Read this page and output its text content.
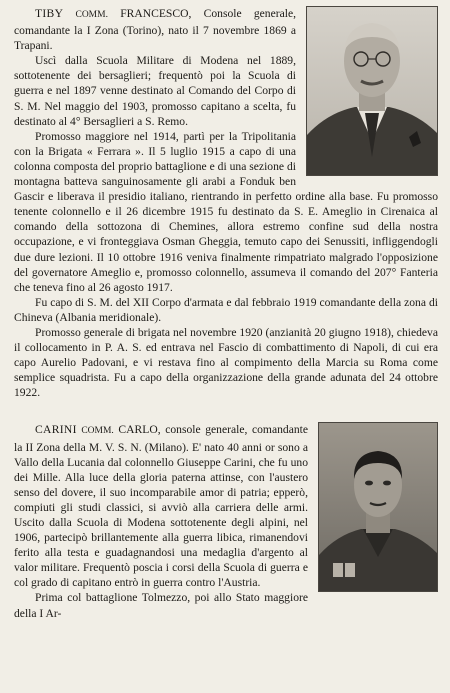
TIBY COMM. FRANCESCO, Console generale, comandante la I Zona (Torino), nato il 7 novembre 1869 a Trapani.

Uscì dalla Scuola Militare di Modena nel 1889, sottotenente dei bersaglieri; frequentò poi la Scuola di guerra e nel 1897 venne destinato al Comando del Corpo di S. M. Nel maggio del 1903, promosso capitano a scelta, fu destinato al 4° Bersaglieri a S. Remo.

Promosso maggiore nel 1914, partì per la Tripolitania con la Brigata « Ferrara ». Il 5 luglio 1915 a capo di una colonna composta del proprio battaglione e di una sezione di montagna batteva sanguinosamente gli arabi a Fonduk ben Gascir e liberava il presidio italiano, rientrando in perfetto ordine alla base. Fu promosso tenente colonnello e il 26 dicembre 1915 fu destinato da S. E. Ameglio in Cirenaica al comando della sottozona di Chemines, allora estremo confine sud della nostra occupazione, e vi fronteggiava Osman Gheggia, temuto capo dei Senussiti, infliggendogli due dure lezioni. Il 10 ottobre 1916 veniva finalmente rimpatriato malgrado l'opposizione del governatore Ameglio e, promosso colonnello, assumeva il comando del 207° Fanteria che teneva fino al 26 agosto 1917.

Fu capo di S. M. del XII Corpo d'armata e dal febbraio 1919 comandante della zona di Chineva (Albania meridionale).

Promosso generale di brigata nel novembre 1920 (anzianità 20 giugno 1918), chiedeva il collocamento in P. A. S. ed entrava nel Fascio di combattimento di Napoli, di cui era capo Aurelio Padovani, e vi restava fino al compimento della Marcia su Roma come semplice squadrista. Fu a capo della organizzazione della grande adunata del 24 ottobre 1922.

CARINI COMM. CARLO, console generale, comandante la II Zona della M. V. S. N. (Milano). E' nato 40 anni or sono a Vallo della Lucania dal colonnello Giuseppe Carini, che fu uno dei Mille. Alla luce della gloria paterna attinse, con l'austero senso del dovere, il suo incomparabile amor di patria; epperò, compiuti gli studi classici, si avviò alla carriera delle armi. Uscito dalla Scuola di Modena sottotenente degli alpini, nel 1906, partecipò brillantemente alla guerra libica, rimanendovi ferito alla testa e guadagnandosi una medaglia d'argento al valor militare. Frequentò poscia i corsi della Scuola di guerra e col grado di capitano entrò in guerra contro l'Austria.

Prima col battaglione Tolmezzo, poi allo Stato maggiore della I Ar-
